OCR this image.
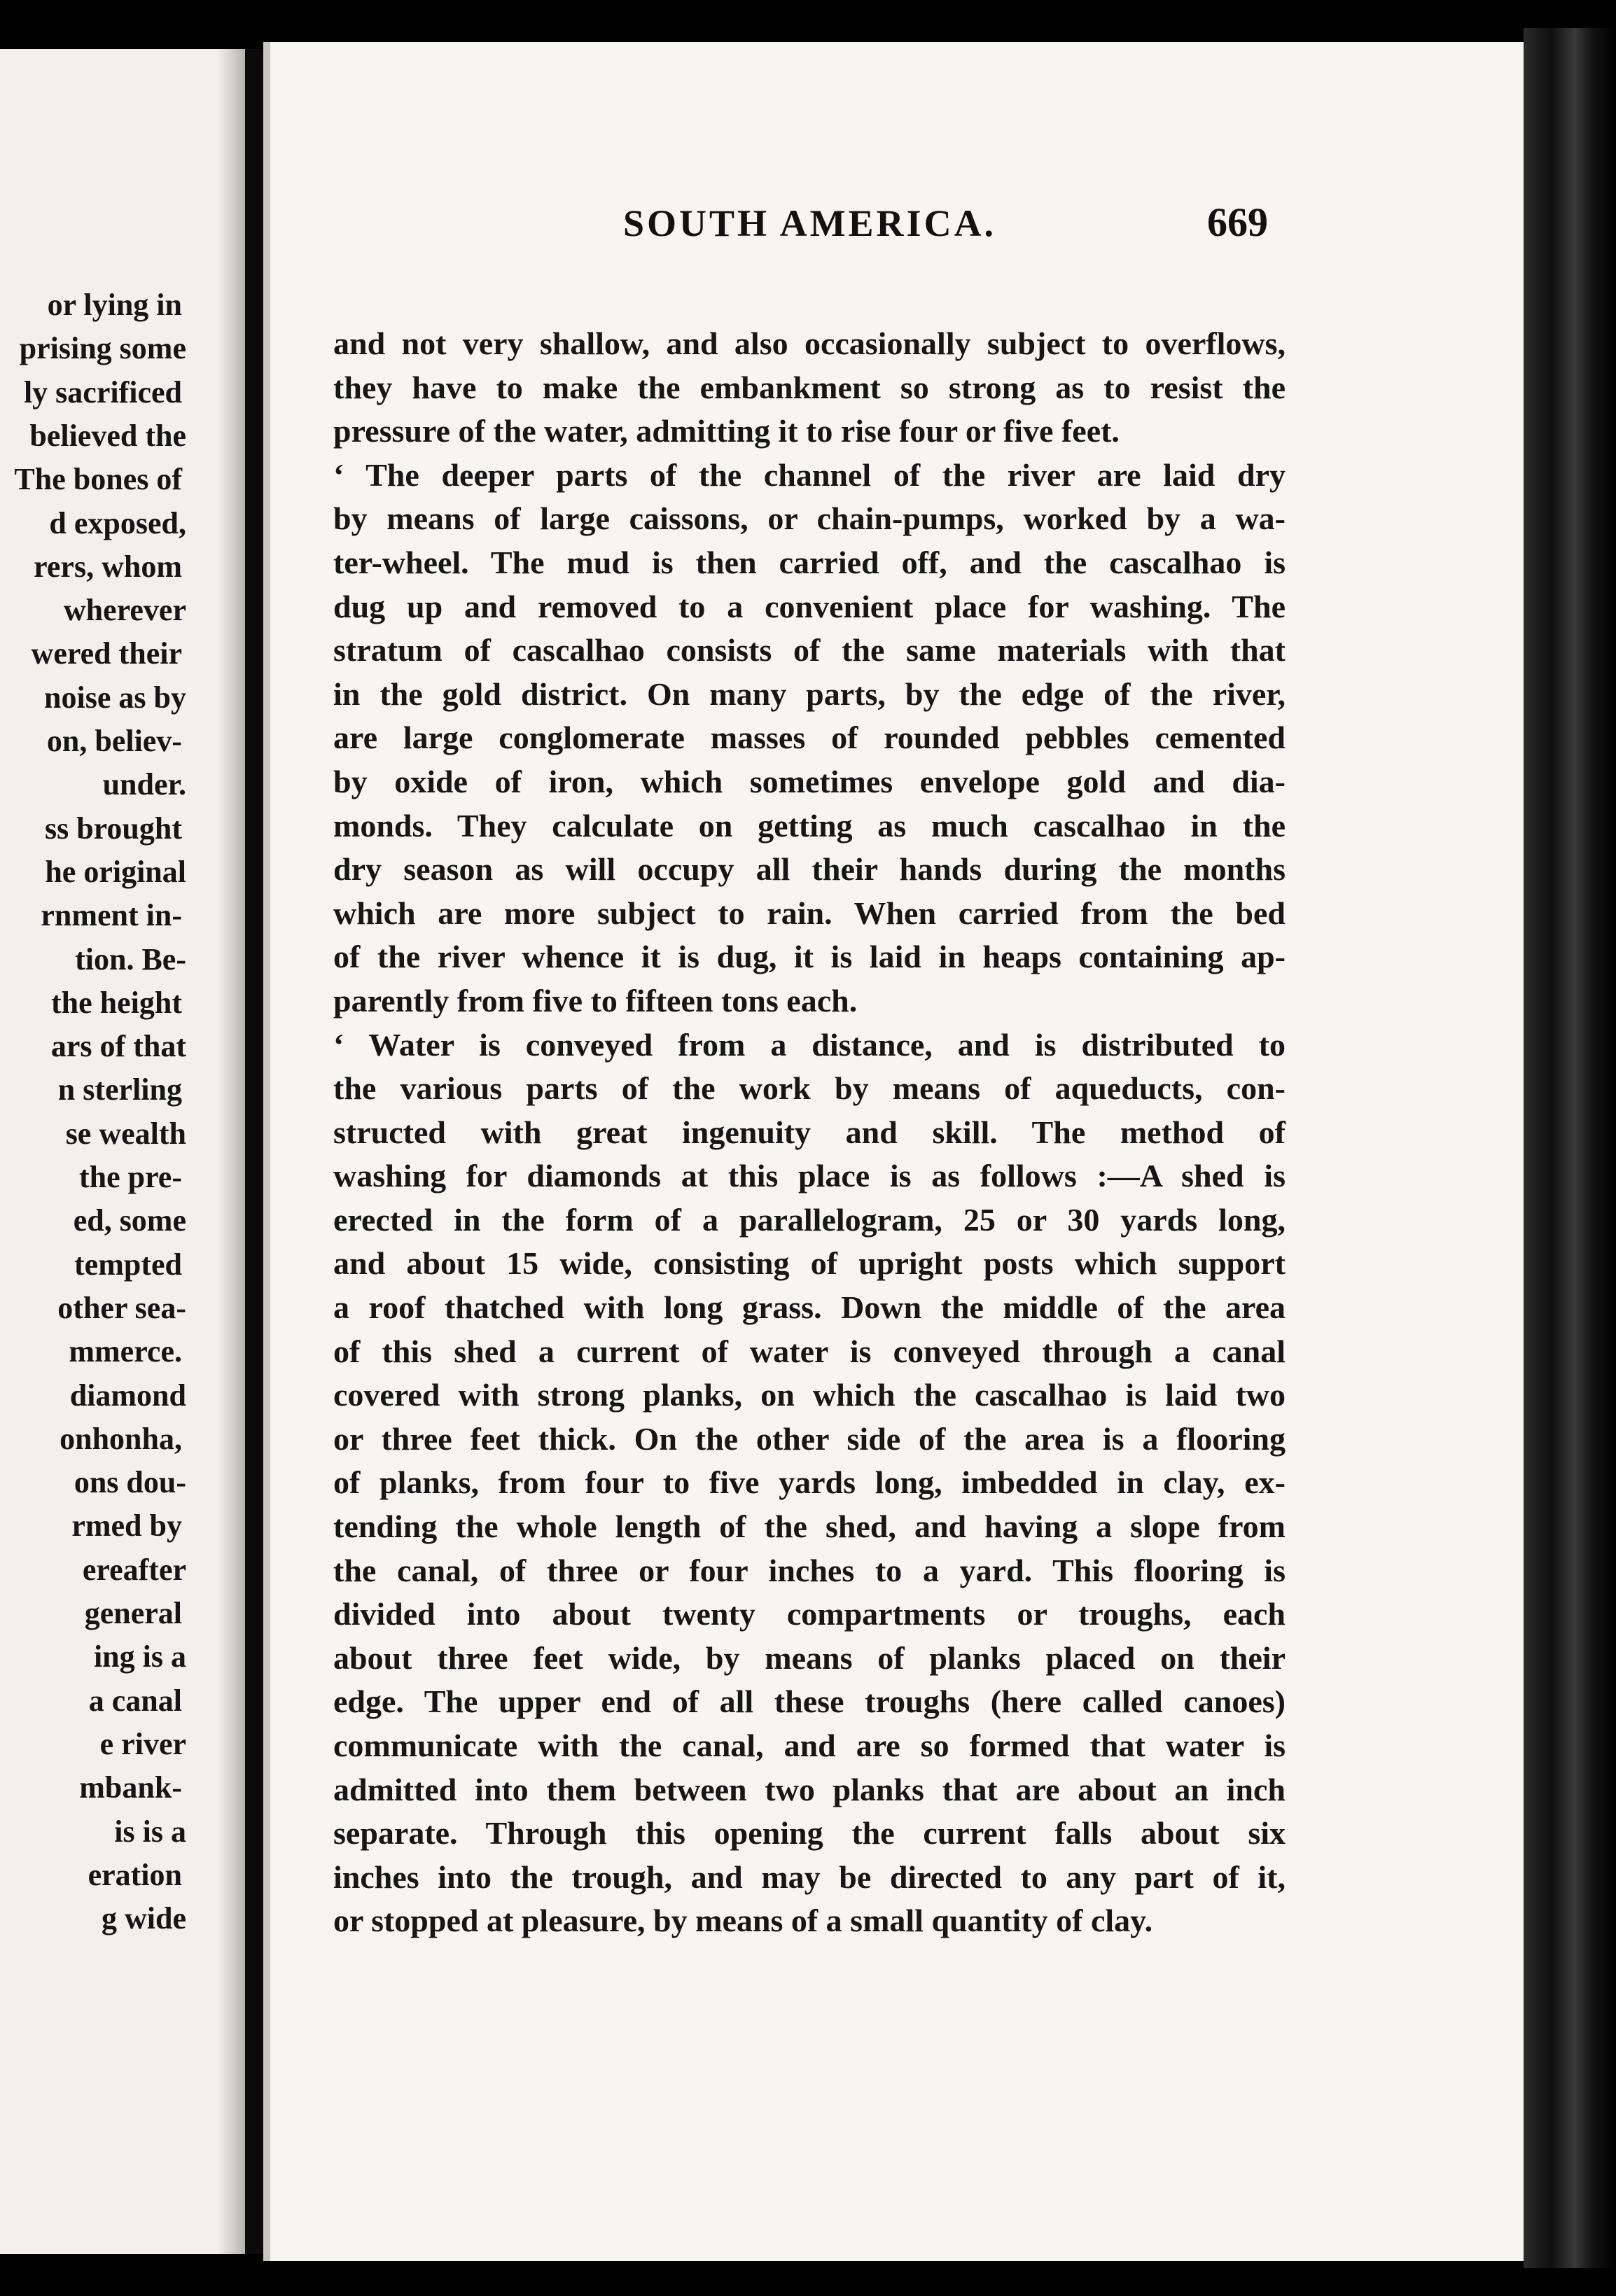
or lying in
prising some
ly sacrificed
believed the
The bones of
d exposed,
rers, whom
wherever
wered their
noise as by
on, believ-
under.
ss brought
he original
rnment in-
tion. Be-
the height
ars of that
n sterling
se wealth
the pre-
ed, some
tempted
other sea-
mmerce.
diamond
onhonha,
ons dou-
rmed by
ereafter
general
ing is a
a canal
e river
mbank-
is is a
eration
g wide
SOUTH AMERICA.	669
and not very shallow, and also occasionally subject to overflows,
they have to make the embankment so strong as to resist the
pressure of the water, admitting it to rise four or five feet.
‘ The deeper parts of the channel of the river are laid dry
by means of large caissons, or chain-pumps, worked by a wa-
ter-wheel. The mud is then carried off, and the cascalhao is
dug up and removed to a convenient place for washing. The
stratum of cascalhao consists of the same materials with that
in the gold district. On many parts, by the edge of the river,
are large conglomerate masses of rounded pebbles cemented
by oxide of iron, which sometimes envelope gold and dia-
monds. They calculate on getting as much cascalhao in the
dry season as will occupy all their hands during the months
which are more subject to rain. When carried from the bed
of the river whence it is dug, it is laid in heaps containing ap-
parently from five to fifteen tons each.
‘ Water is conveyed from a distance, and is distributed to
the various parts of the work by means of aqueducts, con-
structed with great ingenuity and skill. The method of
washing for diamonds at this place is as follows :—A shed is
erected in the form of a parallelogram, 25 or 30 yards long,
and about 15 wide, consisting of upright posts which support
a roof thatched with long grass. Down the middle of the area
of this shed a current of water is conveyed through a canal
covered with strong planks, on which the cascalhao is laid two
or three feet thick. On the other side of the area is a flooring
of planks, from four to five yards long, imbedded in clay, ex-
tending the whole length of the shed, and having a slope from
the canal, of three or four inches to a yard. This flooring is
divided into about twenty compartments or troughs, each
about three feet wide, by means of planks placed on their
edge. The upper end of all these troughs (here called canoes)
communicate with the canal, and are so formed that water is
admitted into them between two planks that are about an inch
separate. Through this opening the current falls about six
inches into the trough, and may be directed to any part of it,
or stopped at pleasure, by means of a small quantity of clay.
